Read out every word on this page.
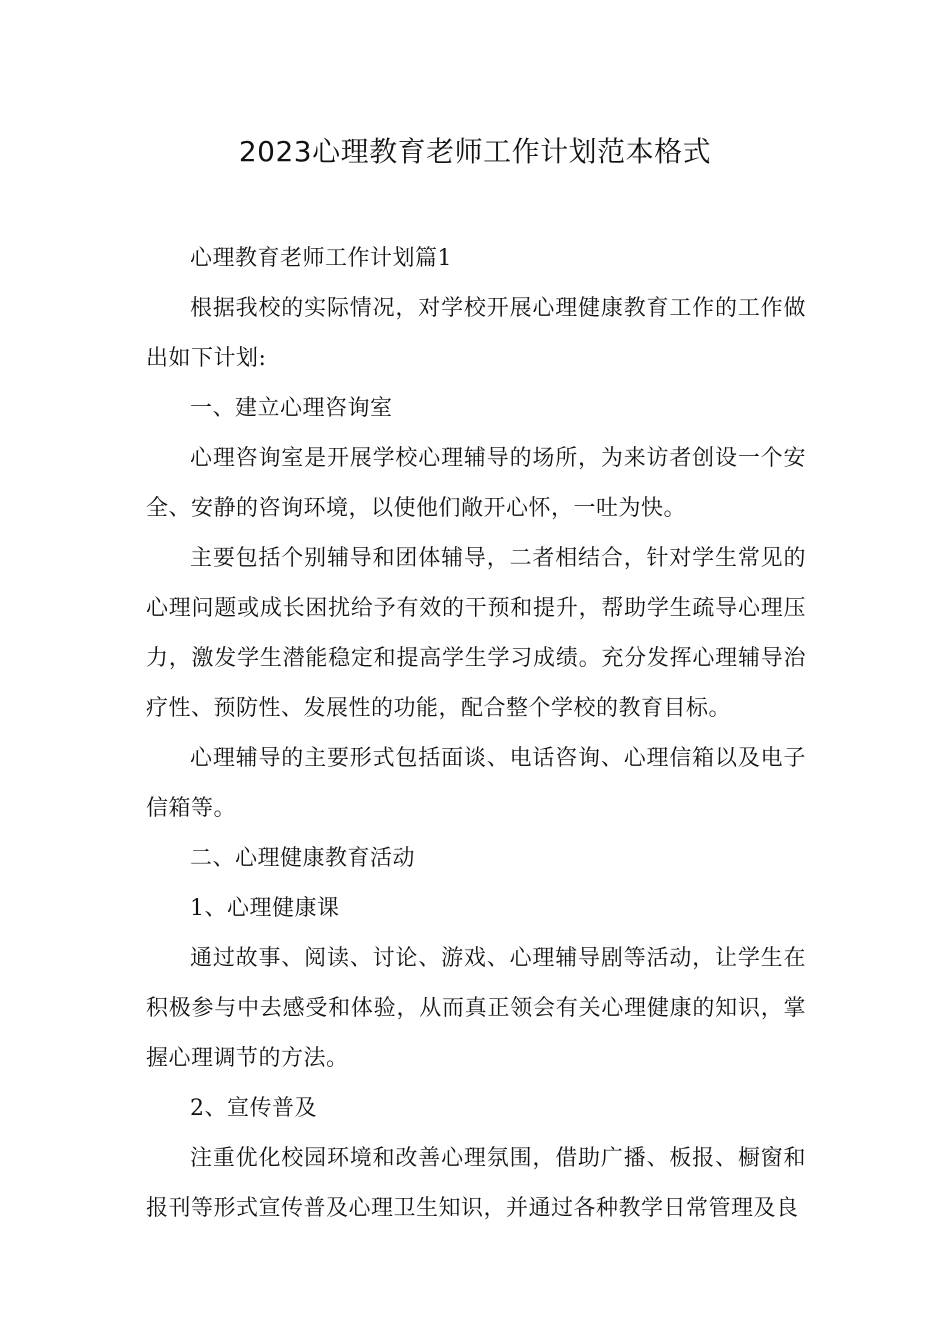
2023心理教育老师工作计划范本格式

心理教育老师工作计划篇1

根据我校的实际情况，对学校开展心理健康教育工作的工作做出如下计划:

一、建立心理咨询室

心理咨询室是开展学校心理辅导的场所，为来访者创设一个安全、安静的咨询环境，以使他们敞开心怀，一吐为快。

主要包括个别辅导和团体辅导，二者相结合，针对学生常见的心理问题或成长困扰给予有效的干预和提升，帮助学生疏导心理压力，激发学生潜能稳定和提高学生学习成绩。充分发挥心理辅导治疗性、预防性、发展性的功能，配合整个学校的教育目标。

心理辅导的主要形式包括面谈、电话咨询、心理信箱以及电子信箱等。

二、心理健康教育活动

1、心理健康课

通过故事、阅读、讨论、游戏、心理辅导剧等活动，让学生在积极参与中去感受和体验，从而真正领会有关心理健康的知识，掌握心理调节的方法。

2、宣传普及

注重优化校园环境和改善心理氛围，借助广播、板报、橱窗和报刊等形式宣传普及心理卫生知识，并通过各种教学日常管理及良
